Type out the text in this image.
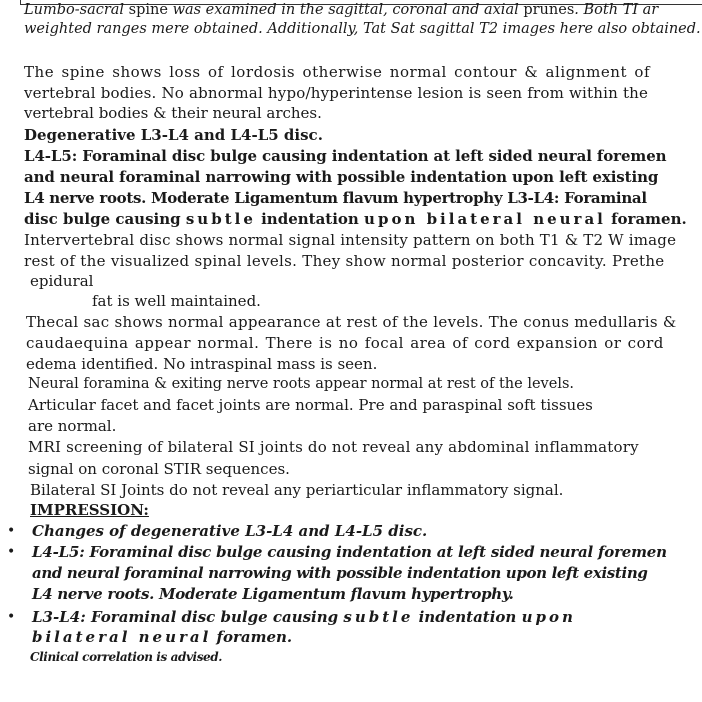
Lumbo-sacral spine was examined in the sagittal, coronal and axial prunes. Both TI ar

weighted ranges mere obtained. Additionally, Tat Sat sagittal T2 images here also obtained.

The spine shows loss of lordosis otherwise normal contour & alignment of

vertebral bodies. No abnormal hypo/hyperintense lesion is seen from within the

vertebral bodies & their neural arches.

Degenerative L3-L4 and L4-L5 disc.

L4-L5: Foraminal disc bulge causing indentation at left sided neural foremen

and neural foraminal narrowing with possible indentation upon left existing

L4 nerve roots. Moderate Ligamentum flavum hypertrophy L3-L4: Foraminal

disc bulge causing subtle indentation upon bilateral neural foramen.

Intervertebral disc shows normal signal intensity pattern on both T1 & T2 W image

rest of the visualized spinal levels. They show normal posterior concavity. Prethe

epidural

fat is well maintained.

Thecal sac shows normal appearance at rest of the levels. The conus medullaris &

caudaequina appear normal. There is no focal area of cord expansion or cord

edema identified. No intraspinal mass is seen.

Neural foramina & exiting nerve roots appear normal at rest of the levels.

Articular facet and facet joints are normal. Pre and paraspinal soft tissues

are normal.

MRI screening of bilateral SI joints do not reveal any abdominal inflammatory

signal on coronal STIR sequences.

Bilateral SI Joints do not reveal any periarticular inflammatory signal.

IMPRESSION:

• Changes of degenerative L3-L4 and L4-L5 disc.

• L4-L5: Foraminal disc bulge causing indentation at left sided neural foremen

and neural foraminal narrowing with possible indentation upon left existing

L4 nerve roots. Moderate Ligamentum flavum hypertrophy.

• L3-L4: Foraminal disc bulge causing subtle indentation upon

bilateral neural foramen.

Clinical correlation is advised.
